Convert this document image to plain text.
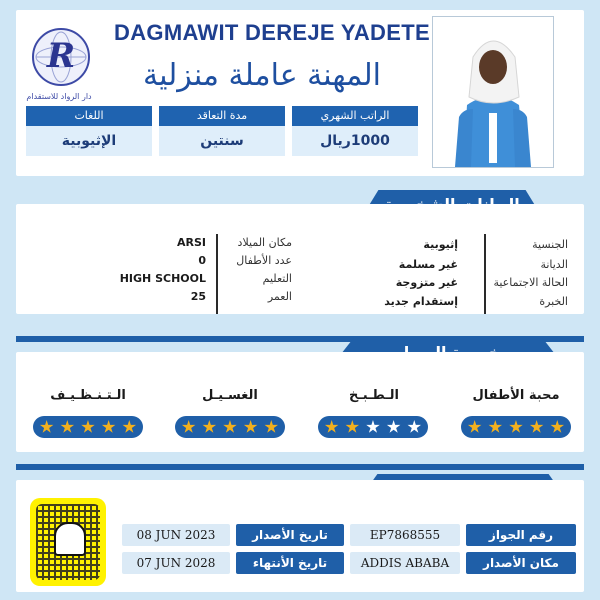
R
دار الرواد للاستقدام
DAGMAWIT DEREJE YADETE
المهنة عاملة منزلية
اللغات
الإثيوبية
مدة التعاقد
سنتين
الراتب الشهري
1000ريال
الجنسية
الديانة
الحالة الاجتماعية
الخبرة
إثيوبية
غير مسلمة
غير متزوجة
إستقدام جديد
مكان الميلاد
عدد الأطفال
التعليم
العمر
ARSI
0
HIGH SCHOOL
25
محبة الأطفال
الـطـبـخ
الغسـيـل
الـتـنـظـيـف
رقم الجواز
EP7868555
تاريخ الأصدار
08 JUN 2023
مكان الأصدار
ADDIS ABABA
تاريخ الأنتهاء
07 JUN 2028
